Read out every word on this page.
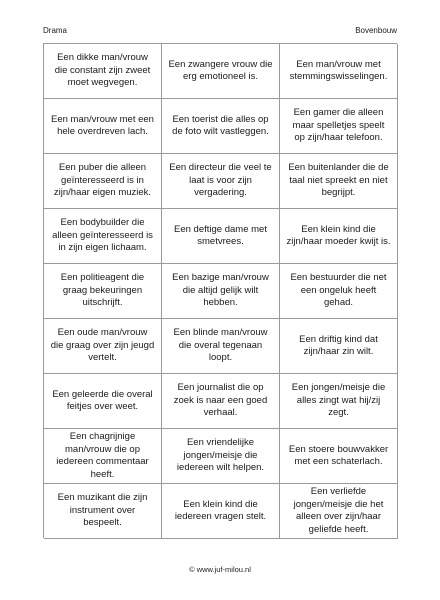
Drama	Bovenbouw
Een dikke man/vrouw die constant zijn zweet moet wegvegen.
Een zwangere vrouw die erg emotioneel is.
Een man/vrouw met stemmingswisselingen.
Een man/vrouw met een hele overdreven lach.
Een toerist die alles op de foto wilt vastleggen.
Een gamer die alleen maar spelletjes speelt op zijn/haar telefoon.
Een puber die alleen geïnteresseerd is in zijn/haar eigen muziek.
Een directeur die veel te laat is voor zijn vergadering.
Een buitenlander die de taal niet spreekt en niet begrijpt.
Een bodybuilder die alleen geïnteresseerd is in zijn eigen lichaam.
Een deftige dame met smetvrees.
Een klein kind die zijn/haar moeder kwijt is.
Een politieagent die graag bekeuringen uitschrijft.
Een bazige man/vrouw die altijd gelijk wilt hebben.
Een bestuurder die net een ongeluk heeft gehad.
Een oude man/vrouw die graag over zijn jeugd vertelt.
Een blinde man/vrouw die overal tegenaan loopt.
Een driftig kind dat zijn/haar zin wilt.
Een geleerde die overal feitjes over weet.
Een journalist die op zoek is naar een goed verhaal.
Een jongen/meisje die alles zingt wat hij/zij zegt.
Een chagrijnige man/vrouw die op iedereen commentaar heeft.
Een vriendelijke jongen/meisje die iedereen wilt helpen.
Een stoere bouwvakker met een schaterlach.
Een muzikant die zijn instrument over bespeelt.
Een klein kind die iedereen vragen stelt.
Een verliefde jongen/meisje die het alleen over zijn/haar geliefde heeft.
© www.juf-milou.nl
